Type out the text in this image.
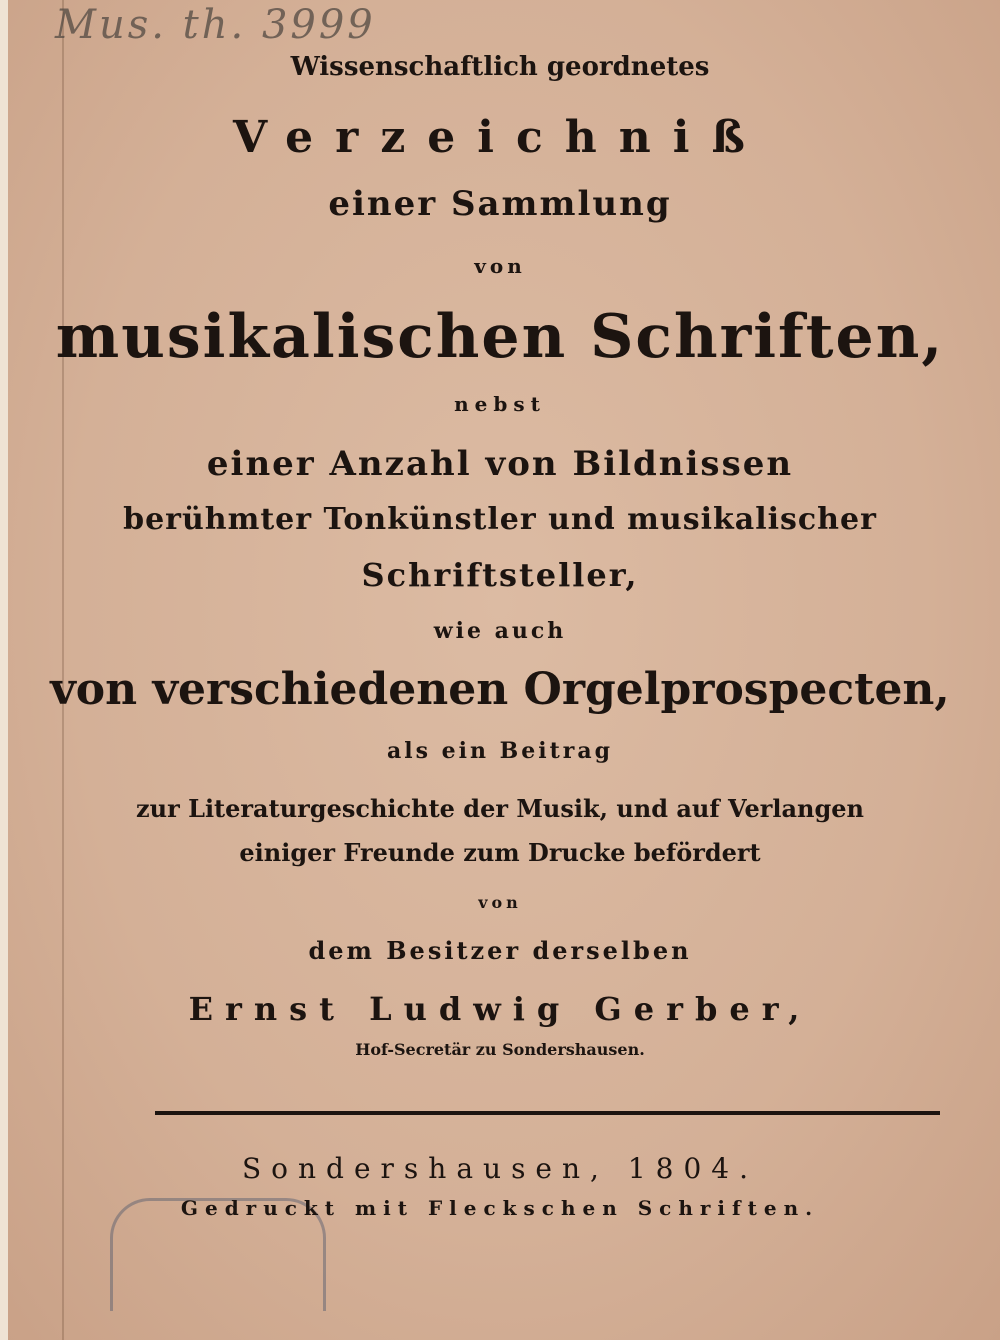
Mus. th. 3999
Wissenschaftlich geordnetes
Verzeichniß
einer Sammlung
von
musikalischen Schriften,
nebst
einer Anzahl von Bildnissen
berühmter Tonkünstler und musikalischer
Schriftsteller,
wie auch
von verschiedenen Orgelprospecten,
als ein Beitrag
zur Literaturgeschichte der Musik, und auf Verlangen
einiger Freunde zum Drucke befördert
von
dem Besitzer derselben
Ernst Ludwig Gerber,
Hof-Secretär zu Sondershausen.
Sondershausen, 1804.
Gedruckt mit Fleckschen Schriften.
